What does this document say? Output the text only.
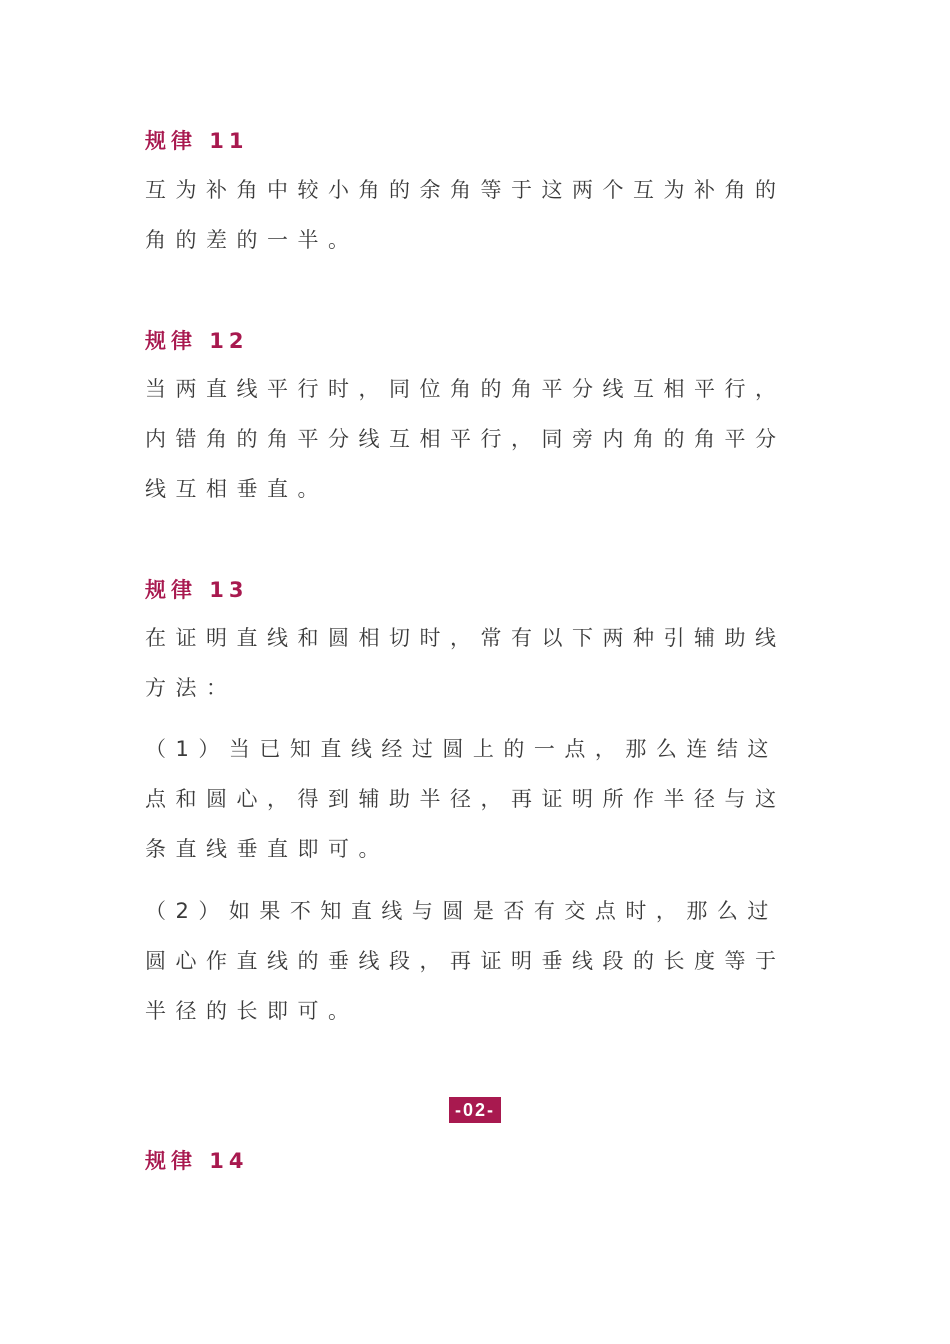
规律 11

互为补角中较小角的余角等于这两个互为补角的角的差的一半。

规律 12

当两直线平行时，同位角的角平分线互相平行，内错角的角平分线互相平行，同旁内角的角平分线互相垂直。

规律 13

在证明直线和圆相切时，常有以下两种引辅助线方法：

（1）当已知直线经过圆上的一点，那么连结这点和圆心，得到辅助半径，再证明所作半径与这条直线垂直即可。

（2）如果不知直线与圆是否有交点时，那么过圆心作直线的垂线段，再证明垂线段的长度等于半径的长即可。

-02-
规律 14
